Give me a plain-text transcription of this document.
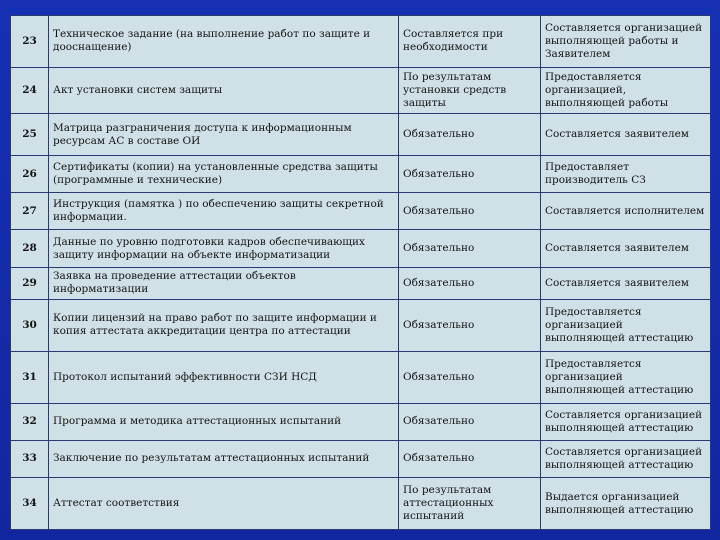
23	Техническое задание (на выполнение работ по защите и дооснащение)	Составляется при необходимости	Составляется организацией выполняющей работы и Заявителем
24	Акт установки систем защиты	По результатам установки средств защиты	Предоставляется организацией, выполняющей работы
25	Матрица разграничения доступа к информационным ресурсам АС в составе ОИ	Обязательно	Составляется заявителем
26	Сертификаты (копии) на установленные средства защиты (программные и технические)	Обязательно	Предоставляет производитель СЗ
27	Инструкция (памятка ) по обеспечению защиты секретной информации.	Обязательно	Составляется исполнителем
28	Данные по уровню подготовки кадров обеспечивающих защиту информации на объекте информатизации	Обязательно	Составляется заявителем
29	Заявка на проведение аттестации объектов информатизации	Обязательно	Составляется заявителем
30	Копии лицензий на право работ по защите информации и копия аттестата аккредитации центра по аттестации	Обязательно	Предоставляется организацией выполняющей аттестацию
31	Протокол испытаний эффективности СЗИ НСД	Обязательно	Предоставляется организацией выполняющей аттестацию
32	Программа и методика аттестационных испытаний	Обязательно	Составляется организацией выполняющей аттестацию
33	Заключение по результатам аттестационных испытаний	Обязательно	Составляется организацией выполняющей аттестацию
34	Аттестат соответствия	По результатам аттестационных испытаний	Выдается организацией выполняющей аттестацию
